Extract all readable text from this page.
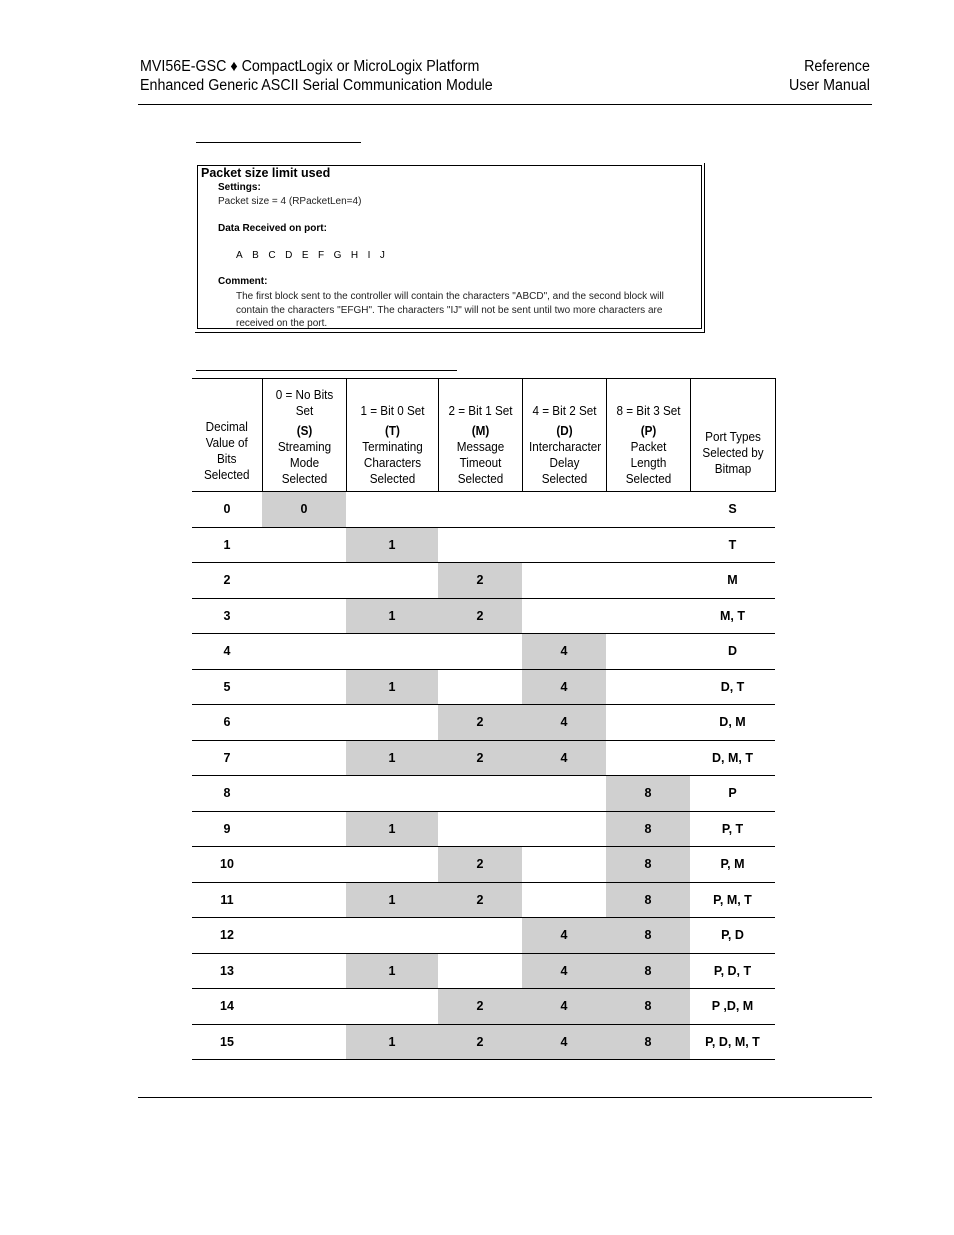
MVI56E-GSC ♦ CompactLogix or MicroLogix Platform
Enhanced Generic ASCII Serial Communication Module
Reference
User Manual
Packet size limit used
Settings:
Packet size = 4 (RPacketLen=4)
Data Received on port:
A B C D E F G H I J
Comment:
The first block sent to the controller will contain the characters "ABCD", and the second block will contain the characters "EFGH". The characters "IJ" will not be sent until two more characters are received on the port.
Decimal Value of Bits Selected	0 = No Bits Set
(S)
Streaming Mode Selected	1 = Bit 0 Set
(T)
Terminating Characters Selected	2 = Bit 1 Set
(M)
Message Timeout Selected	4 = Bit 2 Set
(D)
Intercharacter Delay Selected	8 = Bit 3 Set
(P)
Packet Length Selected	Port Types Selected by Bitmap

0	0					S
1		1				T
2			2			M
3		1	2			M, T
4				4		D
5		1		4		D, T
6			2	4		D, M
7		1	2	4		D, M, T
8					8	P
9		1			8	P, T
10			2		8	P, M
11		1	2		8	P, M, T
12				4	8	P, D
13		1		4	8	P, D, T
14			2	4	8	P ,D, M
15		1	2	4	8	P, D, M, T
